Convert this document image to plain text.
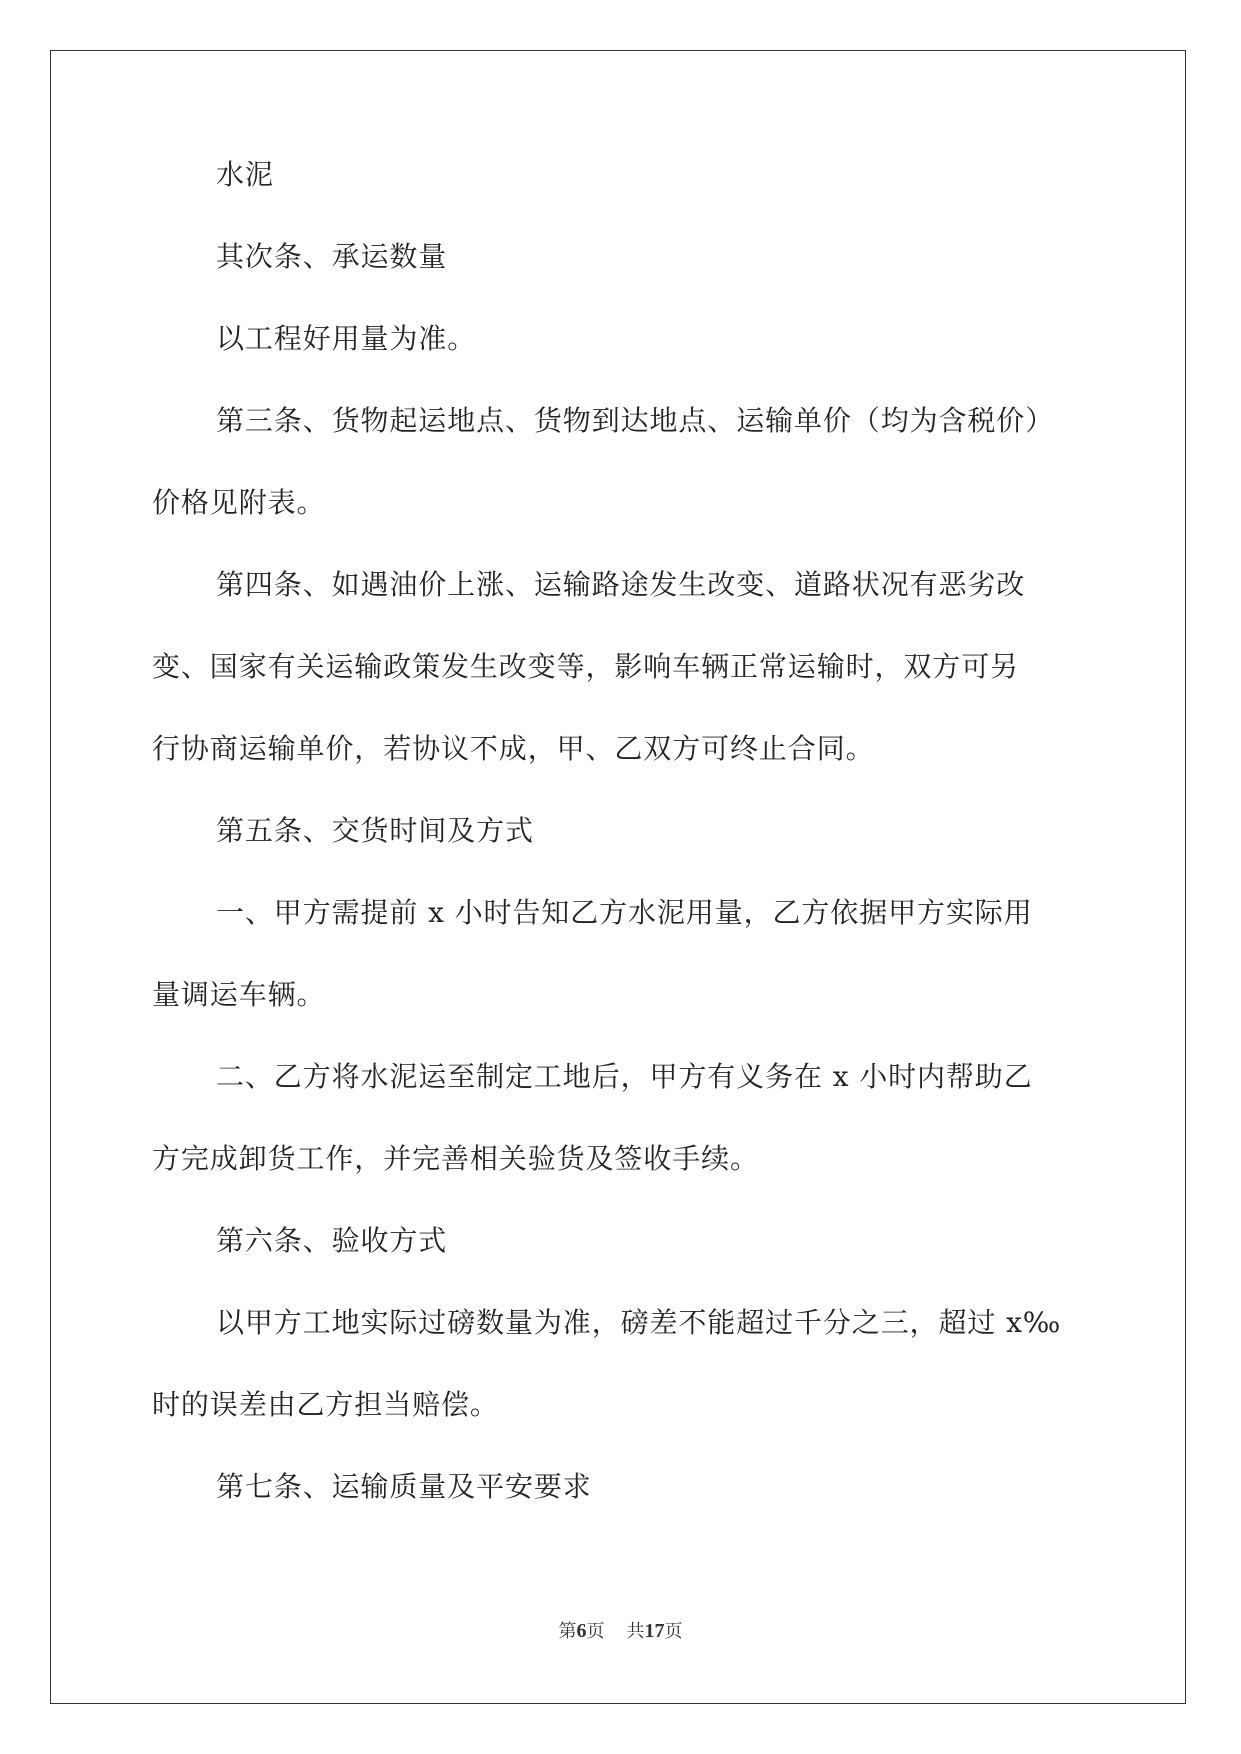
水泥
其次条、承运数量
以工程好用量为准。
第三条、货物起运地点、货物到达地点、运输单价（均为含税价）
价格见附表。
第四条、如遇油价上涨、运输路途发生改变、道路状况有恶劣改
变、国家有关运输政策发生改变等，影响车辆正常运输时，双方可另
行协商运输单价，若协议不成，甲、乙双方可终止合同。
第五条、交货时间及方式
一、甲方需提前 x 小时告知乙方水泥用量，乙方依据甲方实际用
量调运车辆。
二、乙方将水泥运至制定工地后，甲方有义务在 x 小时内帮助乙
方完成卸货工作，并完善相关验货及签收手续。
第六条、验收方式
以甲方工地实际过磅数量为准，磅差不能超过千分之三，超过 x‰
时的误差由乙方担当赔偿。
第七条、运输质量及平安要求
第6页 共17页
